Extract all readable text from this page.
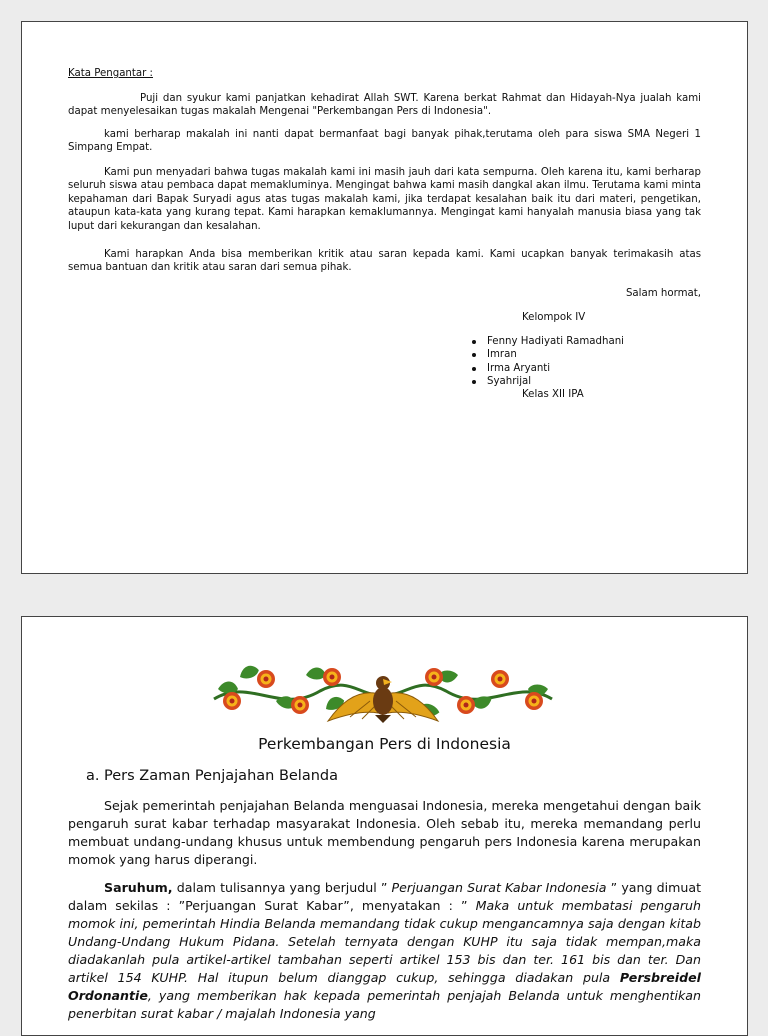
Kata Pengantar :

Puji dan syukur kami panjatkan kehadirat Allah SWT. Karena berkat Rahmat dan Hidayah-Nya jualah kami dapat menyelesaikan tugas makalah Mengenai "Perkembangan Pers di Indonesia".

kami berharap makalah ini nanti dapat bermanfaat bagi banyak pihak,terutama oleh para siswa SMA Negeri 1 Simpang Empat.

Kami pun menyadari bahwa tugas makalah kami ini masih jauh dari kata sempurna. Oleh karena itu, kami berharap seluruh siswa atau pembaca dapat memakluminya. Mengingat bahwa kami masih dangkal akan ilmu. Terutama kami minta kepahaman dari Bapak Suryadi agus atas tugas makalah kami, jika terdapat kesalahan baik itu dari materi, pengetikan, ataupun kata-kata yang kurang tepat. Kami harapkan kemaklumannya. Mengingat kami hanyalah manusia biasa yang tak luput dari kekurangan dan kesalahan.

Kami harapkan Anda bisa memberikan kritik atau saran kepada kami. Kami ucapkan banyak terimakasih atas semua bantuan dan kritik atau saran dari semua pihak.

Salam hormat,
Kelompok IV
Fenny Hadiyati Ramadhani
Imran
Irma Aryanti
Syahrijal
Kelas XII IPA
Perkembangan Pers di Indonesia
a. Pers Zaman Penjajahan Belanda

Sejak pemerintah penjajahan Belanda menguasai Indonesia, mereka mengetahui dengan baik pengaruh surat kabar terhadap masyarakat Indonesia. Oleh sebab itu, mereka memandang perlu membuat undang-undang khusus untuk membendung pengaruh pers Indonesia karena merupakan momok yang harus diperangi.

Saruhum, dalam tulisannya yang berjudul ” Perjuangan Surat Kabar Indonesia ” yang dimuat dalam sekilas : ”Perjuangan Surat Kabar”, menyatakan : ” Maka untuk membatasi pengaruh momok ini, pemerintah Hindia Belanda memandang tidak cukup mengancamnya saja dengan kitab Undang-Undang Hukum Pidana. Setelah ternyata dengan KUHP itu saja tidak mempan,maka diadakanlah pula artikel-artikel tambahan seperti artikel 153 bis dan ter. 161 bis dan ter. Dan artikel 154 KUHP. Hal itupun belum dianggap cukup, sehingga diadakan pula Persbreidel Ordonantie, yang memberikan hak kepada pemerintah penjajah Belanda untuk menghentikan penerbitan surat kabar / majalah Indonesia yang
